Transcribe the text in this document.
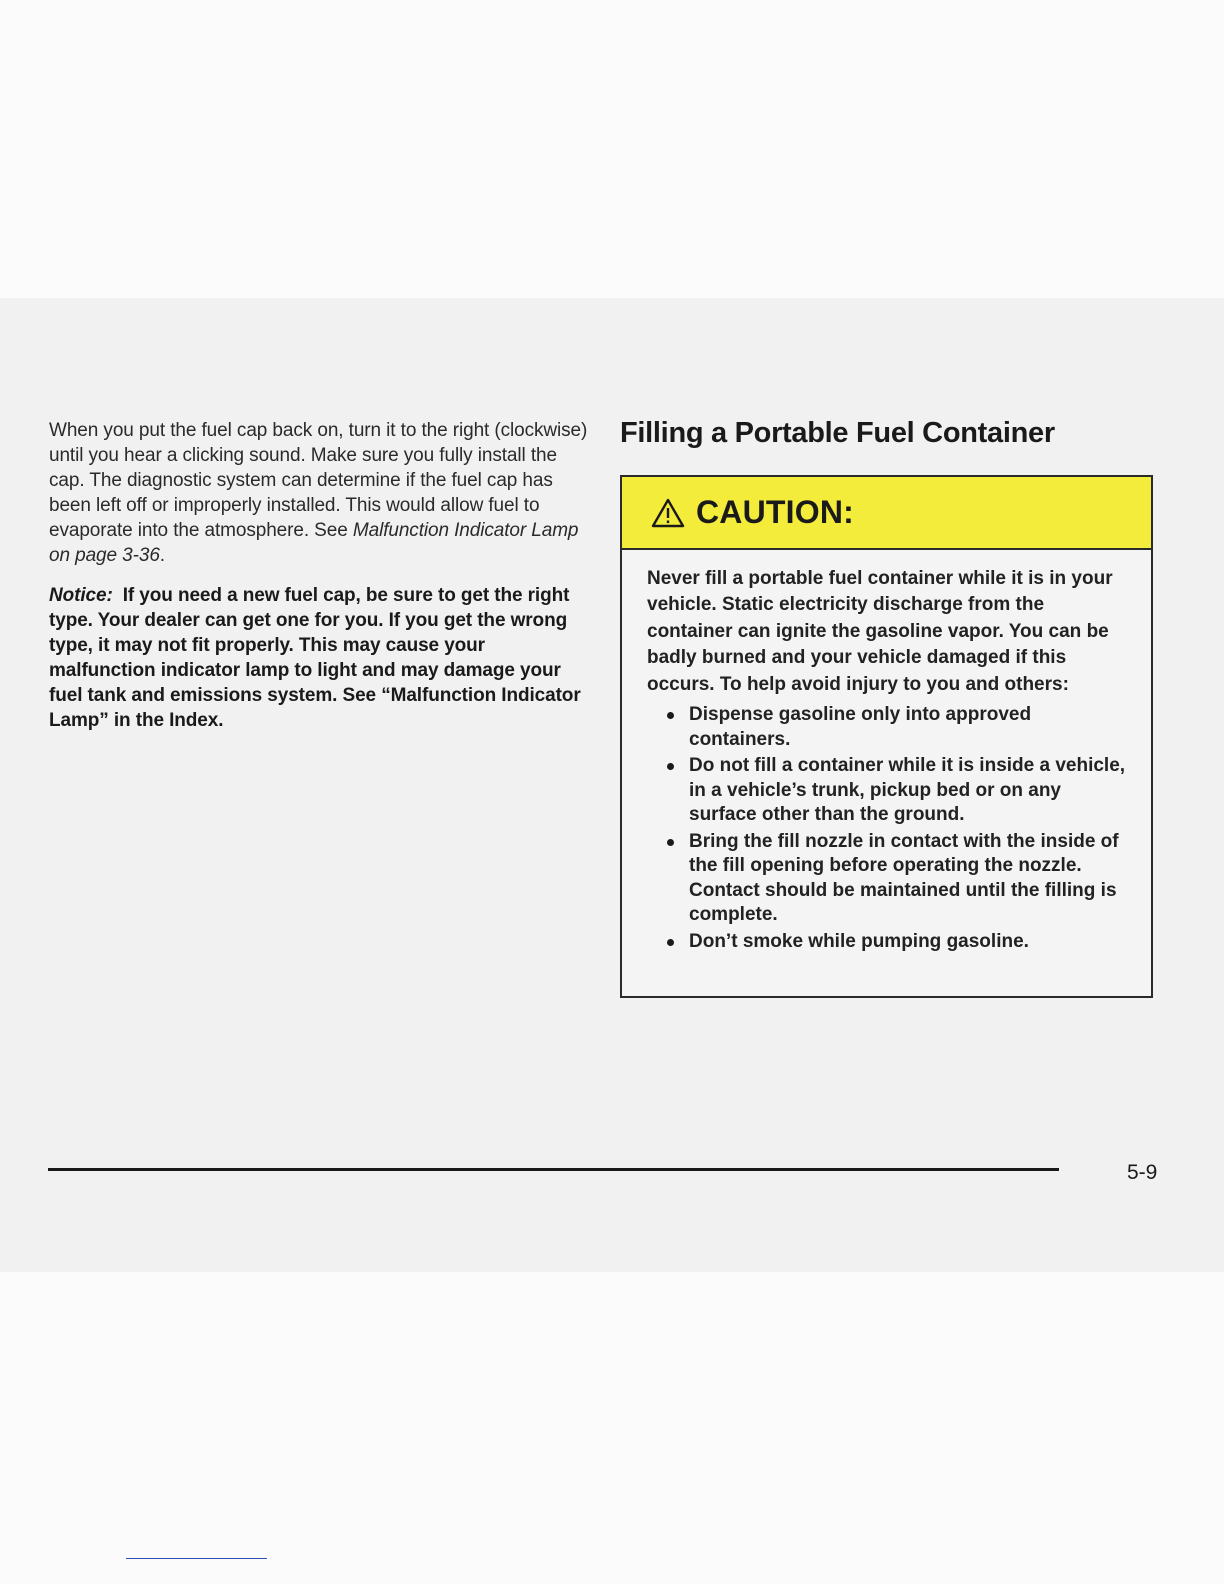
When you put the fuel cap back on, turn it to the right (clockwise) until you hear a clicking sound. Make sure you fully install the cap. The diagnostic system can determine if the fuel cap has been left off or improperly installed. This would allow fuel to evaporate into the atmosphere. See Malfunction Indicator Lamp on page 3-36.

Notice: If you need a new fuel cap, be sure to get the right type. Your dealer can get one for you. If you get the wrong type, it may not fit properly. This may cause your malfunction indicator lamp to light and may damage your fuel tank and emissions system. See “Malfunction Indicator Lamp” in the Index.

Filling a Portable Fuel Container
CAUTION:

Never fill a portable fuel container while it is in your vehicle. Static electricity discharge from the container can ignite the gasoline vapor. You can be badly burned and your vehicle damaged if this occurs. To help avoid injury to you and others:

Dispense gasoline only into approved containers.
Do not fill a container while it is inside a vehicle, in a vehicle’s trunk, pickup bed or on any surface other than the ground.
Bring the fill nozzle in contact with the inside of the fill opening before operating the nozzle. Contact should be maintained until the filling is complete.
Don’t smoke while pumping gasoline.
5-9
